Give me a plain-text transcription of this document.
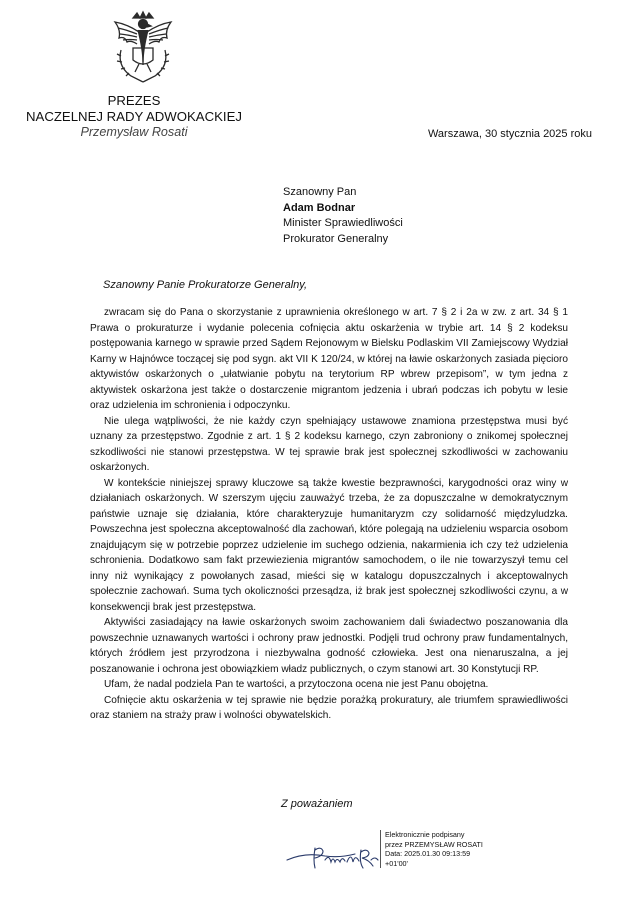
PREZES
NACZELNEJ RADY ADWOKACKIEJ
Przemysław Rosati	Warszawa, 30 stycznia 2025 roku
Szanowny Pan
Adam Bodnar
Minister Sprawiedliwości
Prokurator Generalny
Szanowny Panie Prokuratorze Generalny,

zwracam się do Pana o skorzystanie z uprawnienia określonego w art. 7 § 2 i 2a w zw. z art. 34 § 1 Prawa o prokuraturze i wydanie polecenia cofnięcia aktu oskarżenia w trybie art. 14 § 2 kodeksu postępowania karnego w sprawie przed Sądem Rejonowym w Bielsku Podlaskim VII Zamiejscowy Wydział Karny w Hajnówce toczącej się pod sygn. akt VII K 120/24, w której na ławie oskarżonych zasiada pięcioro aktywistów oskarżonych o „ułatwianie pobytu na terytorium RP wbrew przepisom”, w tym jedna z aktywistek oskarżona jest także o dostarczenie migrantom jedzenia i ubrań podczas ich pobytu w lesie oraz udzielenia im schronienia i odpoczynku.

Nie ulega wątpliwości, że nie każdy czyn spełniający ustawowe znamiona przestępstwa musi być uznany za przestępstwo. Zgodnie z art. 1 § 2 kodeksu karnego, czyn zabroniony o znikomej społecznej szkodliwości nie stanowi przestępstwa. W tej sprawie brak jest społecznej szkodliwości w zachowaniu oskarżonych.

W kontekście niniejszej sprawy kluczowe są także kwestie bezprawności, karygodności oraz winy w działaniach oskarżonych. W szerszym ujęciu zauważyć trzeba, że za dopuszczalne w demokratycznym państwie uznaje się działania, które charakteryzuje humanitaryzm czy solidarność międzyludzka. Powszechna jest społeczna akceptowalność dla zachowań, które polegają na udzieleniu wsparcia osobom znajdującym się w potrzebie poprzez udzielenie im suchego odzienia, nakarmienia ich czy też udzielenia schronienia. Dodatkowo sam fakt przewiezienia migrantów samochodem, o ile nie towarzyszył temu cel inny niż wynikający z powołanych zasad, mieści się w katalogu dopuszczalnych i akceptowalnych społecznie zachowań. Suma tych okoliczności przesądza, iż brak jest społecznej szkodliwości czynu, a w konsekwencji brak jest przestępstwa.

Aktywiści zasiadający na ławie oskarżonych swoim zachowaniem dali świadectwo poszanowania dla powszechnie uznawanych wartości i ochrony praw jednostki. Podjęli trud ochrony praw fundamentalnych, których źródłem jest przyrodzona i niezbywalna godność człowieka. Jest ona nienaruszalna, a jej poszanowanie i ochrona jest obowiązkiem władz publicznych, o czym stanowi art. 30 Konstytucji RP.

Ufam, że nadal podziela Pan te wartości, a przytoczona ocena nie jest Panu obojętna.

Cofnięcie aktu oskarżenia w tej sprawie nie będzie porażką prokuratury, ale triumfem sprawiedliwości oraz staniem na straży praw i wolności obywatelskich.

Z poważaniem
Elektronicznie podpisany
przez PRZEMYSŁAW ROSATI
Data: 2025.01.30 09:13:59
+01'00'
